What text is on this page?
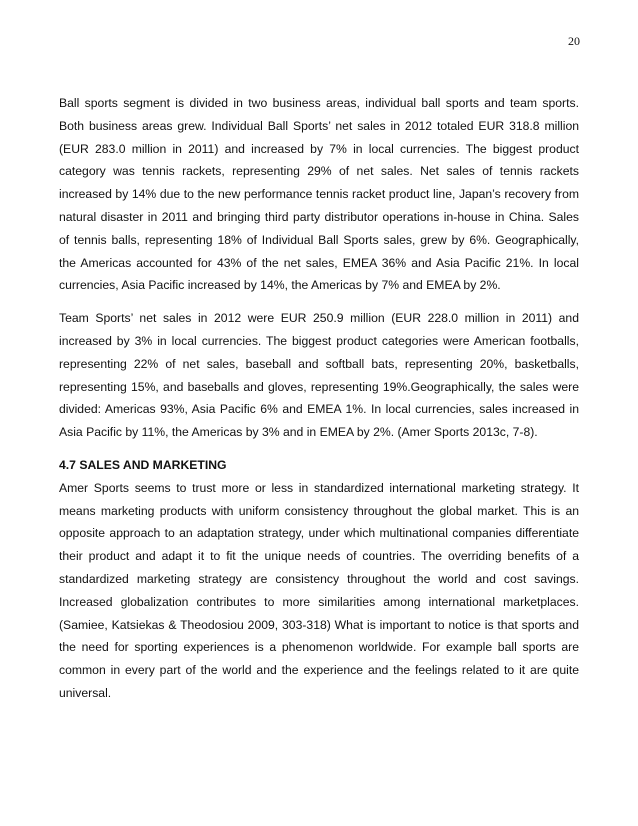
20

Ball sports segment is divided in two business areas, individual ball sports and team sports. Both business areas grew. Individual Ball Sports’ net sales in 2012 totaled EUR 318.8 million (EUR 283.0 million in 2011) and increased by 7% in local currencies. The biggest product category was tennis rackets, representing 29% of net sales. Net sales of tennis rackets increased by 14% due to the new performance tennis racket product line, Japan’s recovery from natural disaster in 2011 and bringing third party distributor operations in-house in China. Sales of tennis balls, representing 18% of Individual Ball Sports sales, grew by 6%. Geographically, the Americas accounted for 43% of the net sales, EMEA 36% and Asia Pacific 21%. In local currencies, Asia Pacific increased by 14%, the Americas by 7% and EMEA by 2%.

Team Sports’ net sales in 2012 were EUR 250.9 million (EUR 228.0 million in 2011) and increased by 3% in local currencies. The biggest product categories were American footballs, representing 22% of net sales, baseball and softball bats, representing 20%, basketballs, representing 15%, and baseballs and gloves, representing 19%.Geographically, the sales were divided: Americas 93%, Asia Pacific 6% and EMEA 1%. In local currencies, sales increased in Asia Pacific by 11%, the Americas by 3% and in EMEA by 2%. (Amer Sports 2013c, 7-8).

4.7 SALES AND MARKETING

Amer Sports seems to trust more or less in standardized international marketing strategy. It means marketing products with uniform consistency throughout the global market. This is an opposite approach to an adaptation strategy, under which multinational companies differentiate their product and adapt it to fit the unique needs of countries. The overriding benefits of a standardized marketing strategy are consistency throughout the world and cost savings. Increased globalization contributes to more similarities among international marketplaces. (Samiee, Katsiekas & Theodosiou 2009, 303-318) What is important to notice is that sports and the need for sporting experiences is a phenomenon worldwide. For example ball sports are common in every part of the world and the experience and the feelings related to it are quite universal.
